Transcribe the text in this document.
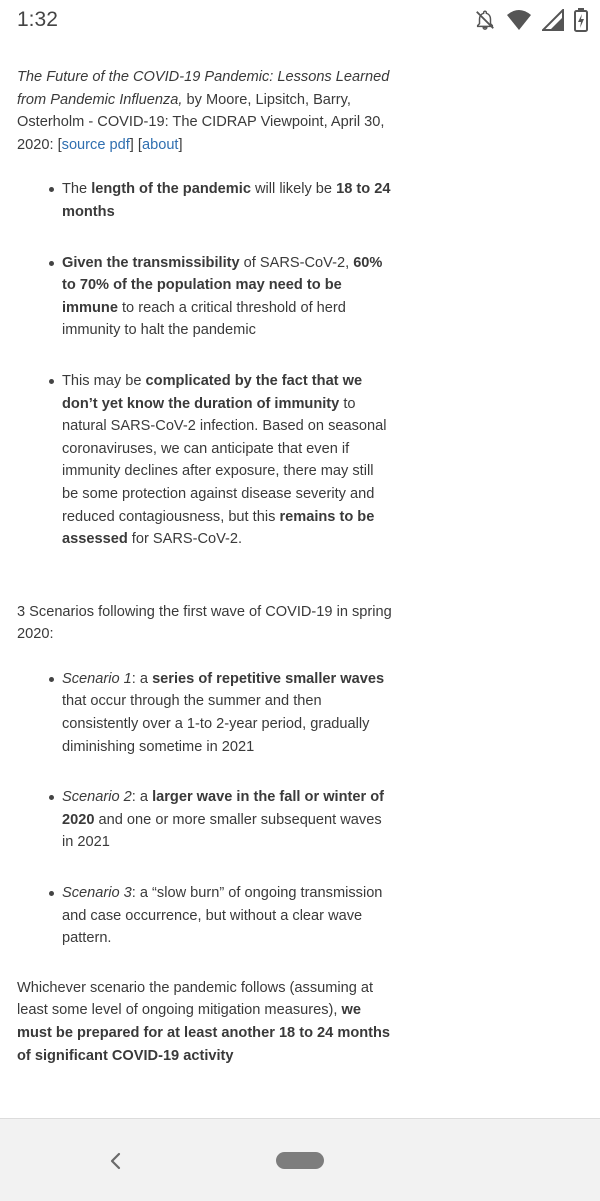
1:32

The Future of the COVID-19 Pandemic: Lessons Learned from Pandemic Influenza, by Moore, Lipsitch, Barry, Osterholm - COVID-19: The CIDRAP Viewpoint, April 30, 2020: [source pdf] [about]

The length of the pandemic will likely be 18 to 24 months
Given the transmissibility of SARS-CoV-2, 60% to 70% of the population may need to be immune to reach a critical threshold of herd immunity to halt the pandemic
This may be complicated by the fact that we don’t yet know the duration of immunity to natural SARS-CoV-2 infection. Based on seasonal coronaviruses, we can anticipate that even if immunity declines after exposure, there may still be some protection against disease severity and reduced contagiousness, but this remains to be assessed for SARS-CoV-2.

3 Scenarios following the first wave of COVID-19 in spring 2020:

Scenario 1: a series of repetitive smaller waves that occur through the summer and then consistently over a 1-to 2-year period, gradually diminishing sometime in 2021
Scenario 2: a larger wave in the fall or winter of 2020 and one or more smaller subsequent waves in 2021
Scenario 3: a “slow burn” of ongoing transmission and case occurrence, but without a clear wave pattern.

Whichever scenario the pandemic follows (assuming at least some level of ongoing mitigation measures), we must be prepared for at least another 18 to 24 months of significant COVID-19 activity
